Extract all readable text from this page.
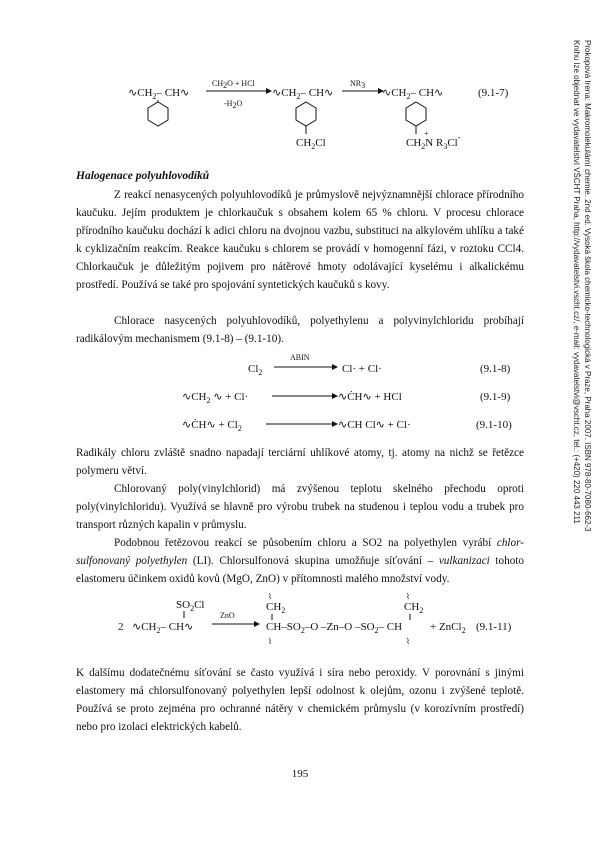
$∿CH_2-$ CH∿
CH2O + HCl
-H2O
$∿CH_2-$ CH∿
$CH_2Cl$
NR3
$∿CH_2-$ CH∿
+
$CH_2N$ $R_3Cl^-$
(9.1-7)
Halogenace polyuhlovodíků
Z reakcí nenasycených polyuhlovodíků je průmyslově nejvýznamnější chlorace přírodního kaučuku. Jejím produktem je chlorkaučuk s obsahem kolem 65 % chloru. V procesu chlorace přírodního kaučuku dochází k adici chloru na dvojnou vazbu, substituci na alkylovém uhlíku a také k cyklizačním reakcím. Reakce kaučuku s chlorem se provádí v homogenní fázi, v roztoku CCl4. Chlorkaučuk je důležitým pojivem pro nátěrové hmoty odolávající kyselému i alkalickému prostředí. Používá se také pro spojování syntetických kaučuků s kovy.
Chlorace nasycených polyuhlovodíků, polyethylenu a polyvinylchloridu probíhají radikálovým mechanismem (9.1-8) – (9.1-10).
$Cl_2$
ABIN
Cl· + Cl·	(9.1-8)
$∿CH_2$ ∿ + Cl·	∿ĊH∿ + HCl	(9.1-9)
∿ĊH∿ + $Cl_2$	∿CH Cl∿ + Cl·	(9.1-10)
Radikály chloru zvláště snadno napadají terciární uhlíkové atomy, tj. atomy na nichž se řetězce polymeru větví.
Chlorovaný poly(vinylchlorid) má zvýšenou teplotu skelného přechodu oproti poly(vinylchloridu). Využívá se hlavně pro výrobu trubek na studenou i teplou vodu a trubek pro transport různých kapalin v průmyslu.
Podobnou řetězovou reakcí se působením chloru a SO2 na polyethylen vyrábí chlor-sulfonovaný polyethylen (LI). Chlorsulfonová skupina umožňuje síťování – vulkanizaci tohoto elastomeru účinkem oxidů kovů (MgO, ZnO) v přítomnosti malého množství vody.
$SO_2Cl$
2 $∿CH_2-$ CH∿
ZnO
⌇
$CH_2$
$CH-SO_2-O$ –Zn–O $-SO_2-$ CH
⌇
⌇
$CH_2$
⌇
+ ZnCl$_2$ (9.1-11)
K dalšímu dodatečnému síťování se často využívá i síra nebo peroxidy. V porovnání s jinými elastomery má chlorsulfonovaný polyethylen lepší odolnost k olejům, ozonu i zvýšené teplotě. Používá se proto zejména pro ochranné nátěry v chemickém průmyslu (v korozívním prostředí) nebo pro izolaci elektrických kabelů.
195
Prokopová Irena: Makromolekulární chemie. 2nd ed. Vysoká škola chemicko-technologická v Praze, Praha 2007. ISBN 978-80-7080-662-3
Knihu lze objednat ve vydavatelství VŠCHT Praha, http://vydavatelstvi.vscht.cz/, e-mail: vydavatelstvi@vscht.cz, tel.: (+420) 220 443 211
